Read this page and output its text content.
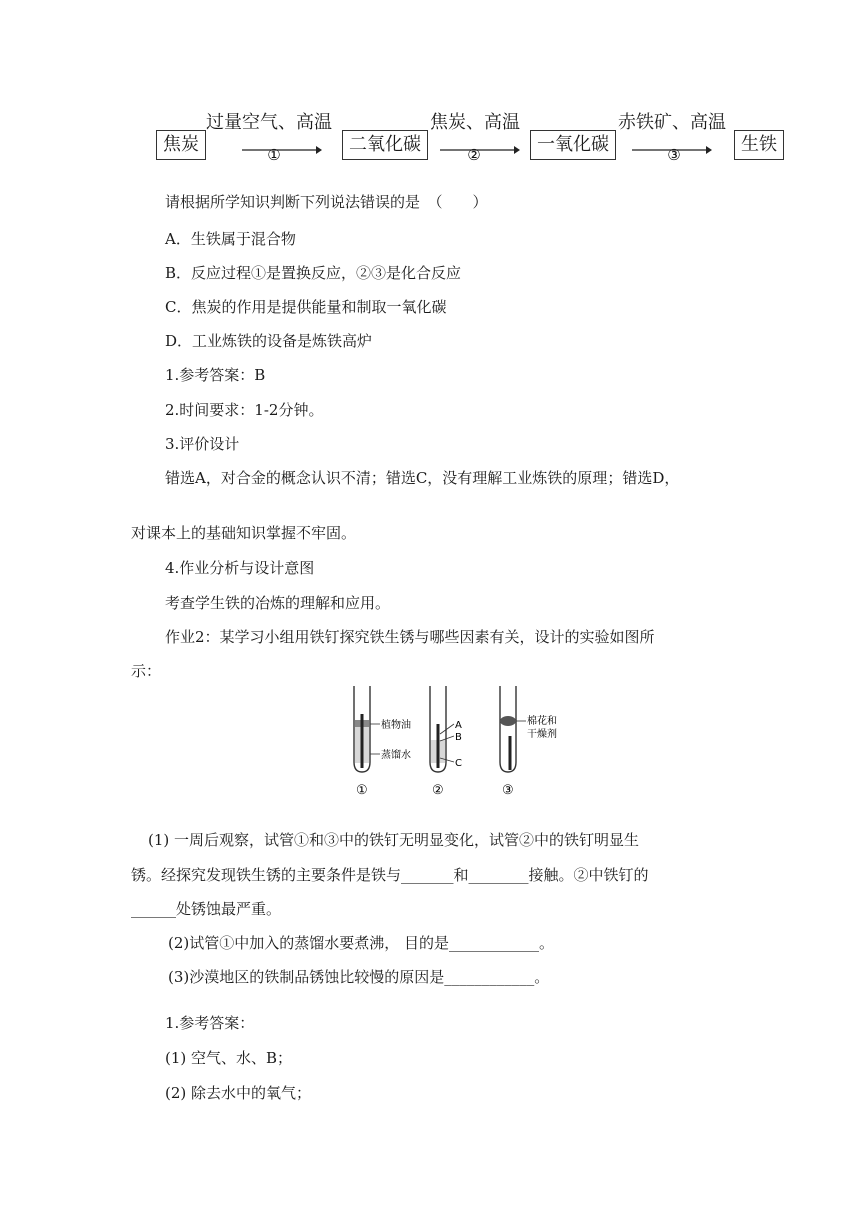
焦炭
过量空气、高温
①	二氧化碳
焦炭、高温
②	一氧化碳
赤铁矿、高温
③	生铁
请根据所学知识判断下列说法错误的是　（　　）
A．生铁属于混合物
B．反应过程①是置换反应，②③是化合反应
C．焦炭的作用是提供能量和制取一氧化碳
D．工业炼铁的设备是炼铁高炉
1.参考答案：B
2.时间要求：1-2分钟。
3.评价设计
错选A，对合金的概念认识不清；错选C，没有理解工业炼铁的原理；错选D，
对课本上的基础知识掌握不牢固。
4.作业分析与设计意图
考查学生铁的冶炼的理解和应用。
作业2：某学习小组用铁钉探究铁生锈与哪些因素有关，设计的实验如图所
示：
植物油
蒸馏水
①
A
B
C
②
棉花和
干燥剂
③
(1) 一周后观察，试管①和③中的铁钉无明显变化，试管②中的铁钉明显生
锈。经探究发现铁生锈的主要条件是铁与_______和________接触。②中铁钉的
______处锈蚀最严重。
(2)试管①中加入的蒸馏水要煮沸， 目的是____________。
(3)沙漠地区的铁制品锈蚀比较慢的原因是____________。
1.参考答案：
(1) 空气、水、B；
(2) 除去水中的氧气；
